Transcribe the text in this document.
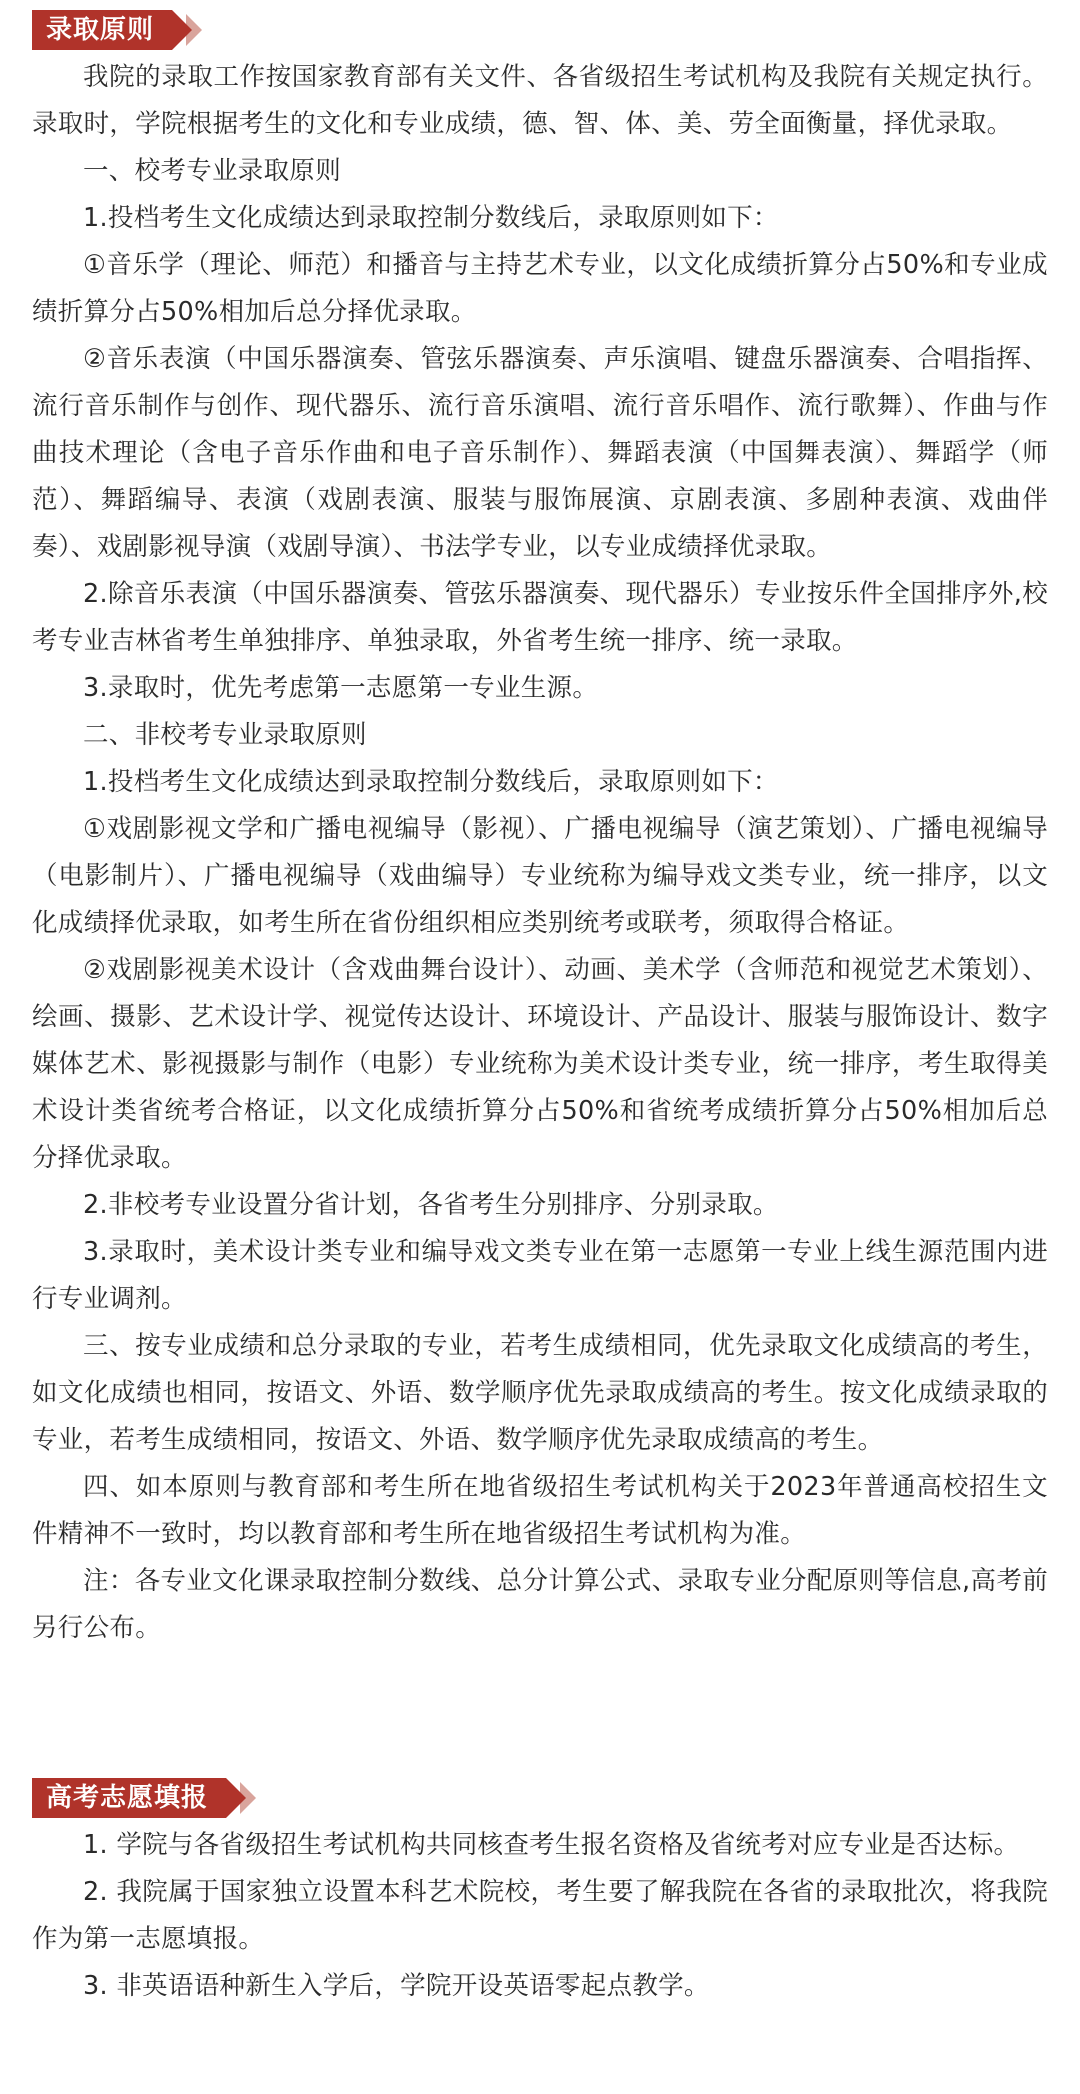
录取原则

我院的录取工作按国家教育部有关文件、各省级招生考试机构及我院有关规定执行。录取时，学院根据考生的文化和专业成绩，德、智、体、美、劳全面衡量，择优录取。

一、校考专业录取原则

1.投档考生文化成绩达到录取控制分数线后，录取原则如下：

①音乐学（理论、师范）和播音与主持艺术专业，以文化成绩折算分占50%和专业成绩折算分占50%相加后总分择优录取。

②音乐表演（中国乐器演奏、管弦乐器演奏、声乐演唱、键盘乐器演奏、合唱指挥、流行音乐制作与创作、现代器乐、流行音乐演唱、流行音乐唱作、流行歌舞）、作曲与作曲技术理论（含电子音乐作曲和电子音乐制作）、舞蹈表演（中国舞表演）、舞蹈学（师范）、舞蹈编导、表演（戏剧表演、服装与服饰展演、京剧表演、多剧种表演、戏曲伴奏）、戏剧影视导演（戏剧导演）、书法学专业，以专业成绩择优录取。

2.除音乐表演（中国乐器演奏、管弦乐器演奏、现代器乐）专业按乐件全国排序外,校考专业吉林省考生单独排序、单独录取，外省考生统一排序、统一录取。

3.录取时，优先考虑第一志愿第一专业生源。

二、非校考专业录取原则

1.投档考生文化成绩达到录取控制分数线后，录取原则如下：

①戏剧影视文学和广播电视编导（影视）、广播电视编导（演艺策划）、广播电视编导（电影制片）、广播电视编导（戏曲编导）专业统称为编导戏文类专业，统一排序，以文化成绩择优录取，如考生所在省份组织相应类别统考或联考，须取得合格证。

②戏剧影视美术设计（含戏曲舞台设计）、动画、美术学（含师范和视觉艺术策划）、绘画、摄影、艺术设计学、视觉传达设计、环境设计、产品设计、服装与服饰设计、数字媒体艺术、影视摄影与制作（电影）专业统称为美术设计类专业，统一排序，考生取得美术设计类省统考合格证，以文化成绩折算分占50%和省统考成绩折算分占50%相加后总分择优录取。

2.非校考专业设置分省计划，各省考生分别排序、分别录取。

3.录取时，美术设计类专业和编导戏文类专业在第一志愿第一专业上线生源范围内进行专业调剂。

三、按专业成绩和总分录取的专业，若考生成绩相同，优先录取文化成绩高的考生，如文化成绩也相同，按语文、外语、数学顺序优先录取成绩高的考生。按文化成绩录取的专业，若考生成绩相同，按语文、外语、数学顺序优先录取成绩高的考生。

四、如本原则与教育部和考生所在地省级招生考试机构关于2023年普通高校招生文件精神不一致时，均以教育部和考生所在地省级招生考试机构为准。

注：各专业文化课录取控制分数线、总分计算公式、录取专业分配原则等信息,高考前另行公布。

高考志愿填报

1. 学院与各省级招生考试机构共同核查考生报名资格及省统考对应专业是否达标。

2. 我院属于国家独立设置本科艺术院校，考生要了解我院在各省的录取批次，将我院作为第一志愿填报。

3. 非英语语种新生入学后，学院开设英语零起点教学。
